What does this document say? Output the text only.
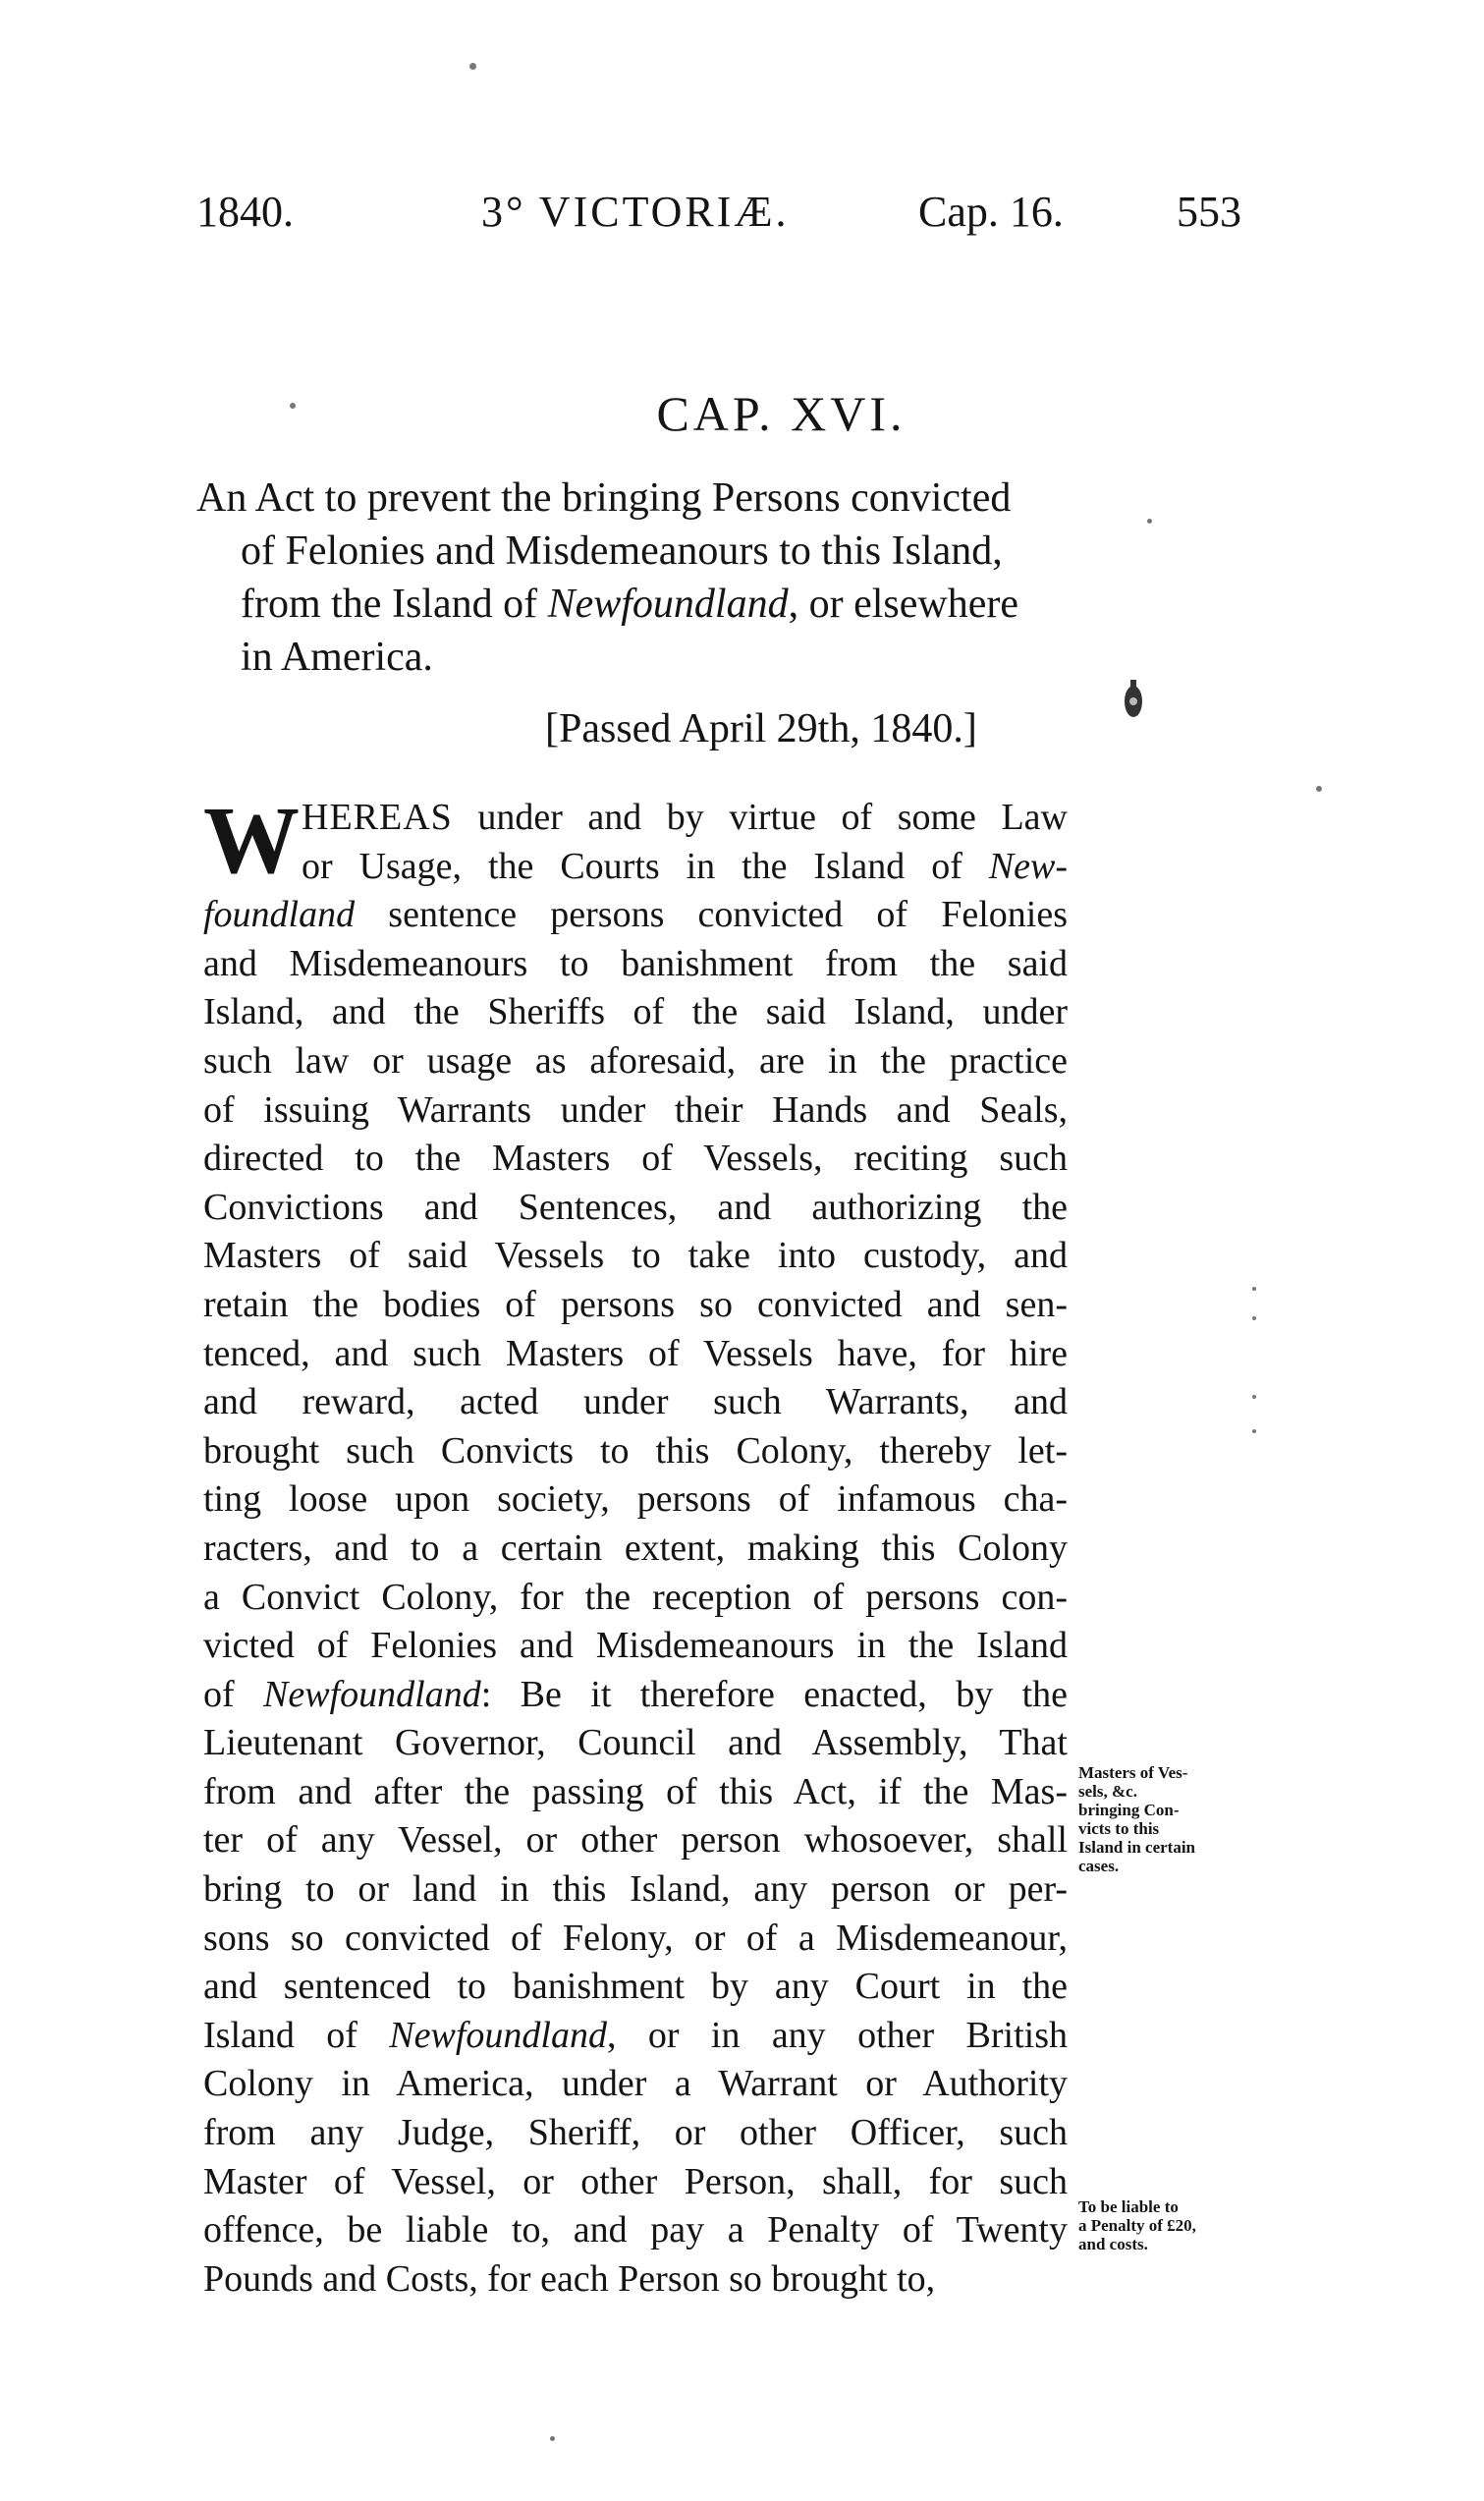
1840.	3° VICTORIÆ.	Cap. 16.	553
CAP. XVI.
An Act to prevent the bringing Persons convicted
of Felonies and Misdemeanours to this Island,
from the Island of Newfoundland, or elsewhere
in America.
[Passed April 29th, 1840.]
W HEREAS under and by virtue of some Law
or Usage, the Courts in the Island of New-
foundland sentence persons convicted of Felonies
and Misdemeanours to banishment from the said
Island, and the Sheriffs of the said Island, under
such law or usage as aforesaid, are in the practice
of issuing Warrants under their Hands and Seals,
directed to the Masters of Vessels, reciting such
Convictions and Sentences, and authorizing the
Masters of said Vessels to take into custody, and
retain the bodies of persons so convicted and sen-
tenced, and such Masters of Vessels have, for hire
and reward, acted under such Warrants, and
brought such Convicts to this Colony, thereby let-
ting loose upon society, persons of infamous cha-
racters, and to a certain extent, making this Colony
a Convict Colony, for the reception of persons con-
victed of Felonies and Misdemeanours in the Island
of Newfoundland: Be it therefore enacted, by the
Lieutenant Governor, Council and Assembly, That
from and after the passing of this Act, if the Mas-
ter of any Vessel, or other person whosoever, shall
bring to or land in this Island, any person or per-
sons so convicted of Felony, or of a Misdemeanour,
and sentenced to banishment by any Court in the
Island of Newfoundland, or in any other British
Colony in America, under a Warrant or Authority
from any Judge, Sheriff, or other Officer, such
Master of Vessel, or other Person, shall, for such
offence, be liable to, and pay a Penalty of Twenty
Pounds and Costs, for each Person so brought to,
Masters of Ves-
sels, &c.
bringing Con-
victs to this
Island in certain
cases.
To be liable to
a Penalty of £20,
and costs.
